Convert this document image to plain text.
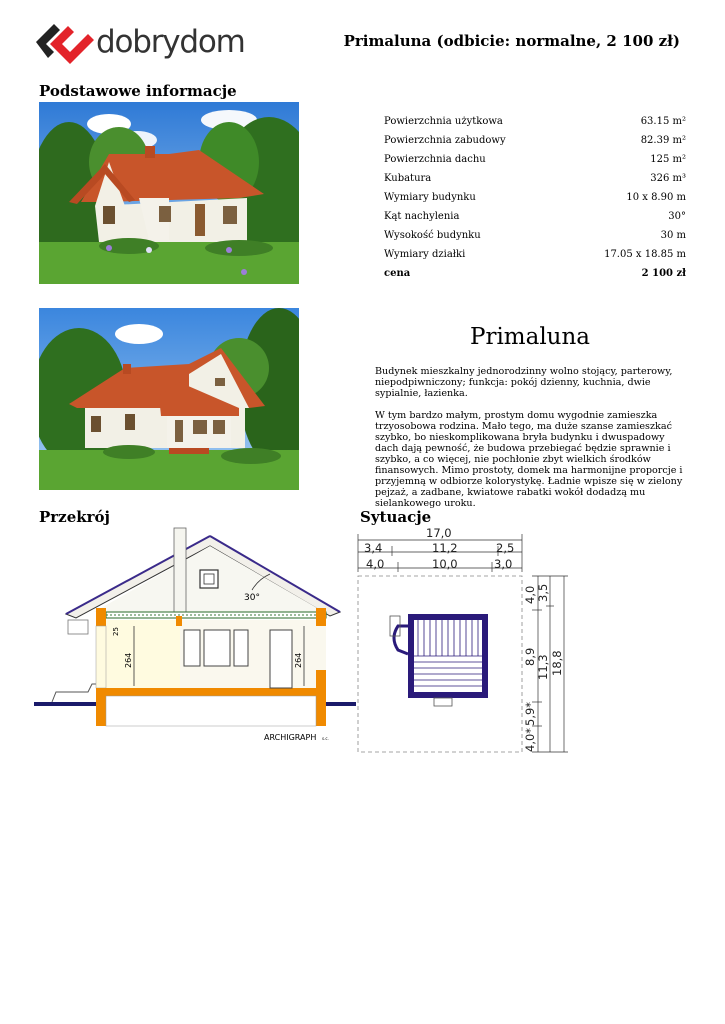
dobrydom	Primaluna (odbicie: normalne, 2 100 zł)
Podstawowe informacje
Przekrój	Sytuacje
Powierzchnia użytkowa	63.15 m²
Powierzchnia zabudowy	82.39 m²
Powierzchnia dachu	125 m²
Kubatura	326 m³
Wymiary budynku	10 x 8.90 m
Kąt nachylenia	30°
Wysokość budynku	30 m
Wymiary działki	17.05 x 18.85 m
cena	2 100 zł
Primaluna

Budynek mieszkalny jednorodzinny wolno stojący, parterowy, niepodpiwniczony; funkcja: pokój dzienny, kuchnia, dwie sypialnie, łazienka.

W tym bardzo małym, prostym domu wygodnie zamieszka trzyosobowa rodzina. Mało tego, ma duże szanse zamieszkać szybko, bo nieskomplikowana bryła budynku i dwuspadowy dach dają pewność, że budowa przebiegać będzie sprawnie i szybko, a co więcej, nie pochłonie zbyt wielkich środków finansowych. Mimo prostoty, domek ma harmonijne proporcje i przyjemną w odbiorze kolorystykę. Ładnie wpisze się w zielony pejzaż, a zadbane, kwiatowe rabatki wokół dodadzą mu sielankowego uroku.

30°
264	264
25
ARCHIGRAPH s.c.
17,0
3,4	11,2	2,5
4,0	10,0	3,0
4,0
8,9
5,9*
4,0*
3,5
11,3 18,8
